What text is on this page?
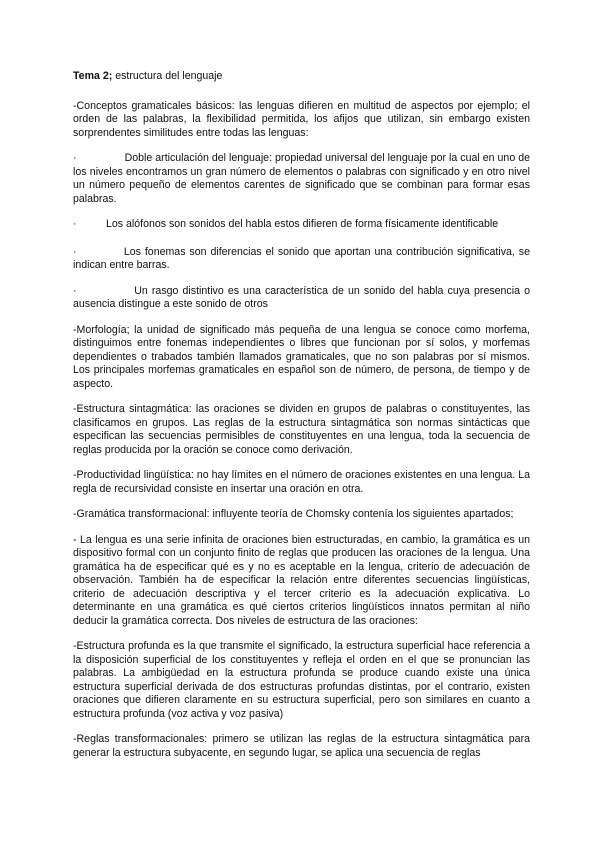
Tema 2; estructura del lenguaje

-Conceptos gramaticales básicos: las lenguas difieren en multitud de aspectos por ejemplo; el orden de las palabras, la flexibilidad permitida, los afijos que utilizan, sin embargo existen sorprendentes similitudes entre todas las lenguas:

·                Doble articulación del lenguaje: propiedad universal del lenguaje por la cual en uno de los niveles encontramos un gran número de elementos o palabras con significado y en otro nivel un número pequeño de elementos carentes de significado que se combinan para formar esas palabras.

·          Los alófonos son sonidos del habla estos difieren de forma físicamente identificable

·            Los fonemas son diferencias el sonido que aportan una contribución significativa, se indican entre barras.

·              Un rasgo distintivo es una característica de un sonido del habla cuya presencia o ausencia distingue a este sonido de otros

-Morfología; la unidad de significado más pequeña de una lengua se conoce como morfema, distinguimos entre fonemas independientes o libres que funcionan por sí solos, y morfemas dependientes o trabados también llamados gramaticales, que no son palabras por sí mismos. Los principales morfemas gramaticales en español son de número, de persona, de tiempo y de aspecto.

-Estructura sintagmática: las oraciones se dividen en grupos de palabras o constituyentes, las clasificamos en grupos. Las reglas de la estructura sintagmática son normas sintácticas que especifican las secuencias permisibles de constituyentes en una lengua, toda la secuencia de reglas producida por la oración se conoce como derivación.

-Productividad lingüística: no hay límites en el número de oraciones existentes en una lengua. La regla de recursividad consiste en insertar una oración en otra.

-Gramática transformacional: influyente teoría de Chomsky contenía los siguientes apartados;

- La lengua es una serie infinita de oraciones bien estructuradas, en cambio, la gramática es un dispositivo formal con un conjunto finito de reglas que producen las oraciones de la lengua. Una gramática ha de especificar qué es y no es aceptable en la lengua, criterio de adecuación de observación. También ha de especificar la relación entre diferentes secuencias lingüísticas, criterio de adecuación descriptiva y el tercer criterio es la adecuación explicativa. Lo determinante en una gramática es qué ciertos criterios lingüísticos innatos permitan al niño deducir la gramática correcta. Dos niveles de estructura de las oraciones:

-Estructura profunda es la que transmite el significado, la estructura superficial hace referencia a la disposición superficial de los constituyentes y refleja el orden en el que se pronuncian las palabras. La ambigüedad en la estructura profunda se produce cuando existe una única estructura superficial derivada de dos estructuras profundas distintas, por el contrario, existen oraciones que difieren claramente en su estructura superficial, pero son similares en cuanto a estructura profunda (voz activa y voz pasiva)

-Reglas transformacionales: primero se utilizan las reglas de la estructura sintagmática para generar la estructura subyacente, en segundo lugar, se aplica una secuencia de reglas
